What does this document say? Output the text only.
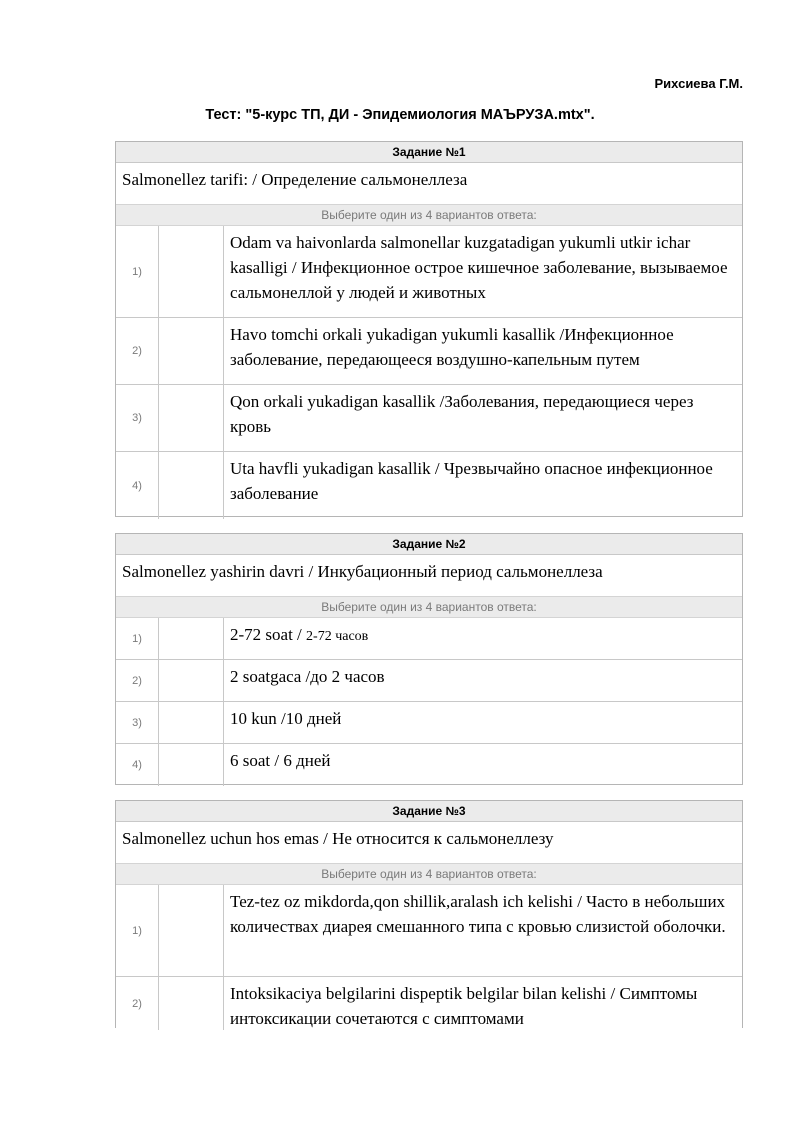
Рихсиева Г.М.
Тест: "5-курс ТП, ДИ - Эпидемиология МАЪРУЗА.mtx".
Задание №1
Salmonellez tarifi: / Определение сальмонеллеза
Выберите один из 4 вариантов ответа:
1)
Odam va haivonlarda salmonellar kuzgatadigan yukumli utkir ichar kasalligi / Инфекционное острое кишечное заболевание, вызываемое сальмонеллой у людей и животных
2)
Havo tomchi orkali yukadigan yukumli kasallik /Инфекционное заболевание, передающееся воздушно-капельным путем
3)
Qon orkali yukadigan kasallik /Заболевания, передающиеся через кровь
4)
Uta havfli yukadigan kasallik / Чрезвычайно опасное инфекционное заболевание
Задание №2
Salmonellez yashirin davri / Инкубационный период сальмонеллеза
Выберите один из 4 вариантов ответа:
1)	2-72 soat / 2-72 часов
2)	2 soatgaca /до 2 часов
3)	10 kun /10 дней
4)	6 soat / 6 дней
Задание №3
Salmonellez uchun hos emas / Не относится к сальмонеллезу
Выберите один из 4 вариантов ответа:
1)
Tez-tez oz mikdorda,qon shillik,aralash ich kelishi / Часто в небольших количествах диарея смешанного типа с кровью слизистой оболочки.
2)
Intoksikaciya belgilarini dispeptik belgilar bilan kelishi / Симптомы интоксикации сочетаются с симптомами
